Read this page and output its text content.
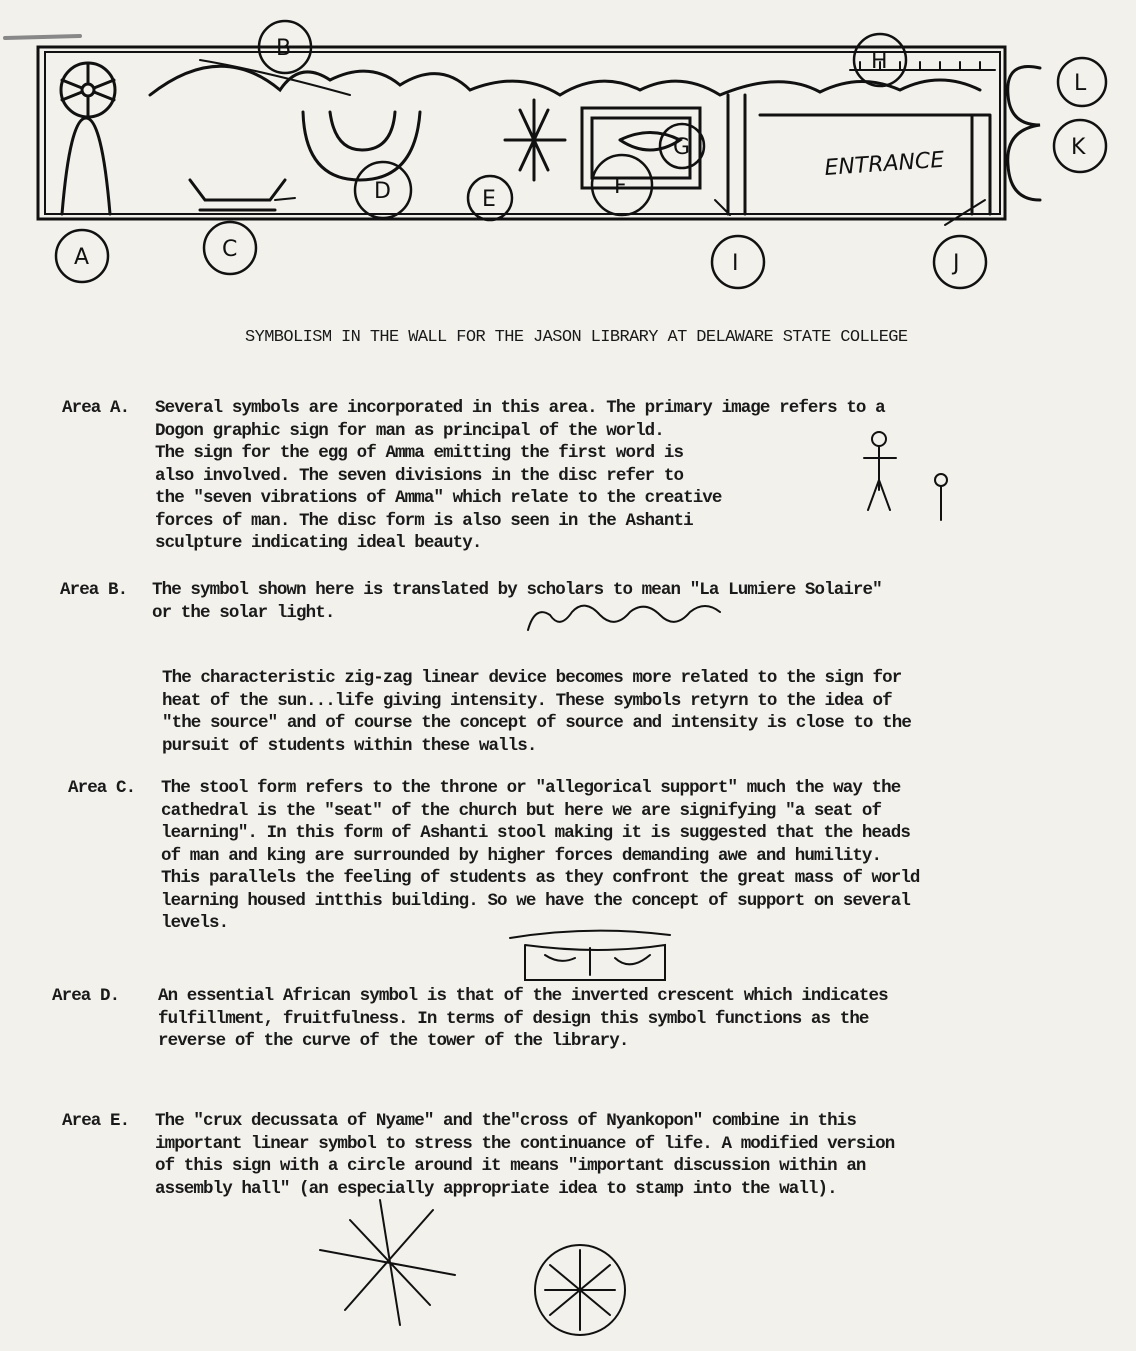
A
B
C
D	E
F
G
H
I	J
K
L
ENTRANCE
SYMBOLISM IN THE WALL FOR THE JASON LIBRARY AT DELAWARE STATE COLLEGE
Area A. Several symbols are incorporated in this area. The primary image refers to a
Dogon graphic sign for man as principal of the world.
The sign for the egg of Amma emitting the first word is
also involved. The seven divisions in the disc refer to
the "seven vibrations of Amma" which relate to the creative
forces of man. The disc form is also seen in the Ashanti
sculpture indicating ideal beauty.
Area B. The symbol shown here is translated by scholars to mean "La Lumiere Solaire"
or the solar light.
The characteristic zig-zag linear device becomes more related to the sign for
heat of the sun...life giving intensity. These symbols retyrn to the idea of
"the source" and of course the concept of source and intensity is close to the
pursuit of students within these walls.
Area C. The stool form refers to the throne or "allegorical support" much the way the
cathedral is the "seat" of the church but here we are signifying "a seat of
learning". In this form of Ashanti stool making it is suggested that the heads
of man and king are surrounded by higher forces demanding awe and humility.
This parallels the feeling of students as they confront the great mass of world
learning housed intthis building. So we have the concept of support on several
levels.
Area D. An essential African symbol is that of the inverted crescent which indicates
fulfillment, fruitfulness. In terms of design this symbol functions as the
reverse of the curve of the tower of the library.
Area E. The "crux decussata of Nyame" and the"cross of Nyankopon" combine in this
important linear symbol to stress the continuance of life. A modified version
of this sign with a circle around it means "important discussion within an
assembly hall" (an especially appropriate idea to stamp into the wall).
